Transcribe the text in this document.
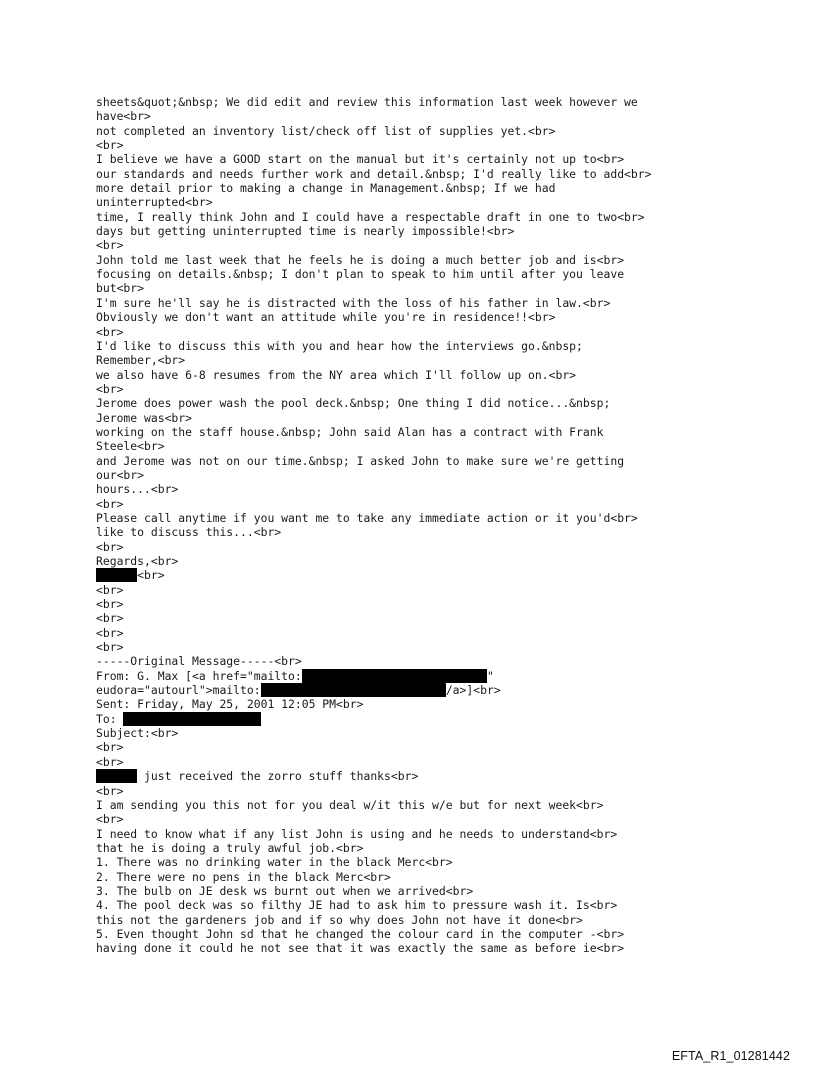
sheets&quot;&nbsp; We did edit and review this information last week however we
have<br>
not completed an inventory list/check off list of supplies yet.<br>
<br>
I believe we have a GOOD start on the manual but it's certainly not up to<br>
our standards and needs further work and detail.&nbsp; I'd really like to add<br>
more detail prior to making a change in Management.&nbsp; If we had
uninterrupted<br>
time, I really think John and I could have a respectable draft in one to two<br>
days but getting uninterrupted time is nearly impossible!<br>
<br>
John told me last week that he feels he is doing a much better job and is<br>
focusing on details.&nbsp; I don't plan to speak to him until after you leave
but<br>
I'm sure he'll say he is distracted with the loss of his father in law.<br>
Obviously we don't want an attitude while you're in residence!!<br>
<br>
I'd like to discuss this with you and hear how the interviews go.&nbsp;
Remember,<br>
we also have 6-8 resumes from the NY area which I'll follow up on.<br>
<br>
Jerome does power wash the pool deck.&nbsp; One thing I did notice...&nbsp;
Jerome was<br>
working on the staff house.&nbsp; John said Alan has a contract with Frank
Steele<br>
and Jerome was not on our time.&nbsp; I asked John to make sure we're getting
our<br>
hours...<br>
<br>
Please call anytime if you want me to take any immediate action or it you'd<br>
like to discuss this...<br>
<br>
Regards,<br>
<br>
<br>
<br>
<br>
<br>
<br>
-----Original Message-----<br>
From: G. Max [<a href="mailto:	"
eudora="autourl">mailto:	/a>]<br>
Sent: Friday, May 25, 2001 12:05 PM<br>
To:
Subject:<br>
<br>
<br>
just received the zorro stuff thanks<br>
<br>
I am sending you this not for you deal w/it this w/e but for next week<br>
<br>
I need to know what if any list John is using and he needs to understand<br>
that he is doing a truly awful job.<br>
1. There was no drinking water in the black Merc<br>
2. There were no pens in the black Merc<br>
3. The bulb on JE desk ws burnt out when we arrived<br>
4. The pool deck was so filthy JE had to ask him to pressure wash it. Is<br>
this not the gardeners job and if so why does John not have it done<br>
5. Even thought John sd that he changed the colour card in the computer -<br>
having done it could he not see that it was exactly the same as before ie<br>
EFTA_R1_01281442
